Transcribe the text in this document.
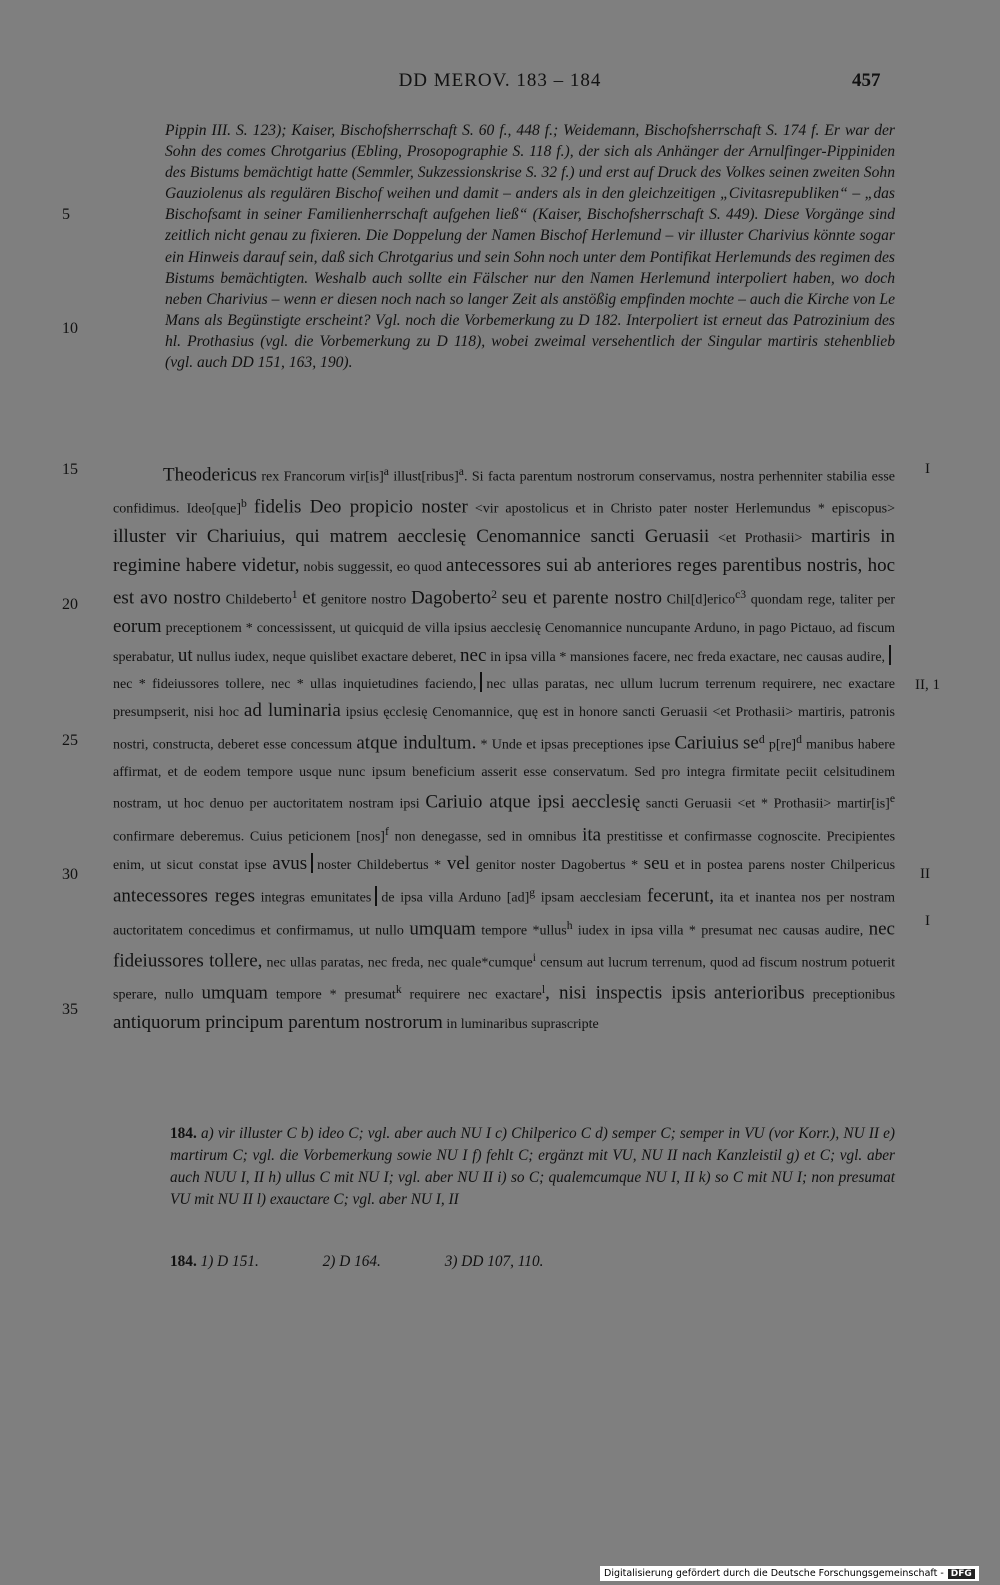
DD MEROV. 183 – 184	457

Pippin III. S. 123); Kaiser, Bischofsherrschaft S. 60 f., 448 f.; Weidemann, Bischofsherrschaft S. 174 f. Er war der Sohn des comes Chrotgarius (Ebling, Prosopographie S. 118 f.), der sich als Anhänger der Arnulfinger-Pippiniden des Bistums bemächtigt hatte (Semmler, Sukzessionskrise S. 32 f.) und erst auf Druck des Volkes seinen zweiten Sohn Gauziolenus als regulären Bischof weihen und damit – anders als in den gleichzeitigen „Civitasrepubliken“ – „das Bischofsamt in seiner Familienherrschaft aufgehen ließ“ (Kaiser, Bischofsherrschaft S. 449). Diese Vorgänge sind zeitlich nicht genau zu fixieren. Die Doppelung der Namen Bischof Herlemund – vir illuster Charivius könnte sogar ein Hinweis darauf sein, daß sich Chrotgarius und sein Sohn noch unter dem Pontifikat Herlemunds des regimen des Bistums bemächtigten. Weshalb auch sollte ein Fälscher nur den Namen Herlemund interpoliert haben, wo doch neben Charivius – wenn er diesen noch nach so langer Zeit als anstößig empfinden mochte – auch die Kirche von Le Mans als Begünstigte erscheint? Vgl. noch die Vorbemerkung zu D 182. Interpoliert ist erneut das Patrozinium des hl. Prothasius (vgl. die Vorbemerkung zu D 118), wobei zweimal versehentlich der Singular martiris stehenblieb (vgl. auch DD 151, 163, 190).

5
10
15
20
25
30
35
I
II, 1
II
I

Theodericus rex Francorum vir[is]$^a$ illust[ribus]$^a$. Si facta parentum nostrorum conservamus, nostra perhenniter stabilia esse confidimus. Ideo[que]$^b$ fidelis Deo propicio noster <vir apostolicus et in Christo pater noster Herlemundus * episcopus> illuster vir Chariuius, qui matrem aecclesię Cenomannice sancti Geruasii <et Prothasii> martiris in regimine habere videtur, nobis suggessit, eo quod antecessores sui ab anteriores reges parentibus nostris, hoc est avo nostro Childeberto$^1$ et genitore nostro Dagoberto$^2$ seu et parente nostro Chil[d]erico$^{c3}$ quondam rege, taliter per eorum preceptionem * concessissent, ut quicquid de villa ipsius aecclesię Cenomannice nuncupante Arduno, in pago Pictauo, ad fiscum sperabatur, ut nullus iudex, neque quislibet exactare deberet, nec in ipsa villa * mansiones facere, nec freda exactare, nec causas audire,nec * fideiussores tollere, nec * ullas inquietudines faciendo, nec ullas paratas, nec ullum lucrum terrenum requirere, nec exactare presumpserit, nisi hoc ad luminaria ipsius ęcclesię Cenomannice, quę est in honore sancti Geruasii <et Prothasii> martiris, patronis nostri, constructa, deberet esse concessum atque indultum. * Unde et ipsas preceptiones ipse Cariuius $se^d$ p[re]$^d$ manibus habere affirmat, et de eodem tempore usque nunc ipsum beneficium asserit esse conservatum. Sed pro integra firmitate peciit celsitudinem nostram, ut hoc denuo per auctoritatem nostram ipsi Cariuio atque ipsi aecclesię sancti Geruasii <et * Prothasii> martir[is]$^e$ confirmare deberemus. Cuius peticionem [nos]$^f$ non denegasse, sed in omnibus ita prestitisse et confirmasse cognoscite. Precipientes enim, ut sicut constat ipse avus noster Childebertus * vel genitor noster Dagobertus * seu et in postea parens noster Chilpericus antecessores reges integras emunitates de ipsa villa Arduno [ad]$^g$ ipsam aecclesiam fecerunt, ita et inantea nos per nostram auctoritatem concedimus et confirmamus, ut nullo umquam tempore *ullus$^h$ iudex in ipsa villa * presumat nec causas audire, nec fideiussores tollere, nec ullas paratas, nec freda, nec quale*cumque$^i$ censum aut lucrum terrenum, quod ad fiscum nostrum potuerit sperare, nullo umquam tempore * presumat$^k$ requirere nec exactare$^l$, nisi inspectis ipsis anterioribus preceptionibus antiquorum principum parentum nostrorum in luminaribus suprascripte

184. a) vir illuster C b) ideo C; vgl. aber auch NU I c) Chilperico C d) semper C; semper in VU (vor Korr.), NU II e) martirum C; vgl. die Vorbemerkung sowie NU I f) fehlt C; ergänzt mit VU, NU II nach Kanzleistil g) et C; vgl. aber auch NUU I, II h) ullus C mit NU I; vgl. aber NU II i) so C; qualemcumque NU I, II k) so C mit NU I; non presumat VU mit NU II l) exauctare C; vgl. aber NU I, II
184. 1) D 151.	2) D 164.	3) DD 107, 110.
Digitalisierung gefördert durch die Deutsche Forschungsgemeinschaft - DFG
